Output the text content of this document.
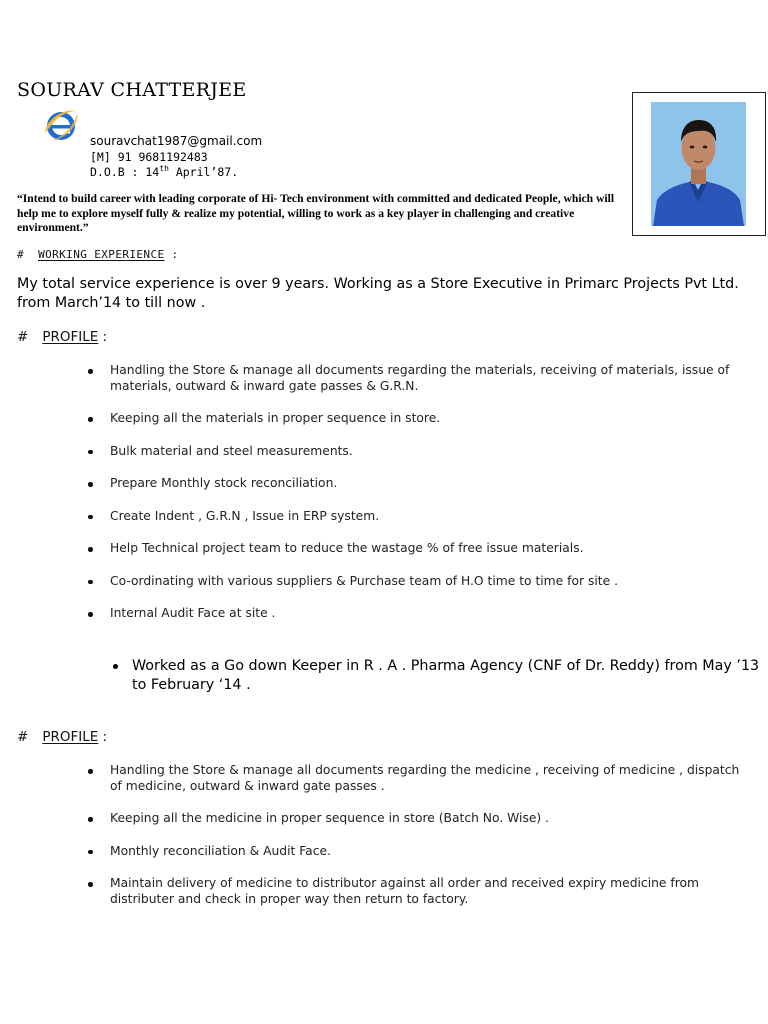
SOURAV CHATTERJEE
souravchat1987@gmail.com
[M] 91 9681192483
D.O.B : 14th April’87.
“Intend to build career with leading corporate of Hi- Tech environment with committed and dedicated People, which will help me to explore myself fully & realize my potential, willing to work as a key player in challenging and creative environment.”
# WORKING EXPERIENCE :
My total service experience is over 9 years. Working as a Store Executive in Primarc Projects Pvt Ltd. from March’14 to till now .
# PROFILE :
Handling the Store & manage all documents regarding the materials, receiving of materials, issue of materials, outward & inward gate passes & G.R.N.
Keeping all the materials in proper sequence in store.
Bulk material and steel measurements.
Prepare Monthly stock reconciliation.
Create Indent , G.R.N , Issue in ERP system.
Help Technical project team to reduce the wastage % of free issue materials.
Co-ordinating with various suppliers & Purchase team of H.O time to time for site .
Internal Audit Face at site .
Worked as a Go down Keeper in R . A . Pharma Agency (CNF of Dr. Reddy) from May ’13 to February ‘14 .
# PROFILE :
Handling the Store & manage all documents regarding the medicine , receiving of medicine , dispatch of medicine, outward & inward gate passes .
Keeping all the medicine in proper sequence in store (Batch No. Wise) .
Monthly reconciliation & Audit Face.
Maintain delivery of medicine to distributor against all order and received expiry medicine from distributer and check in proper way then return to factory.
